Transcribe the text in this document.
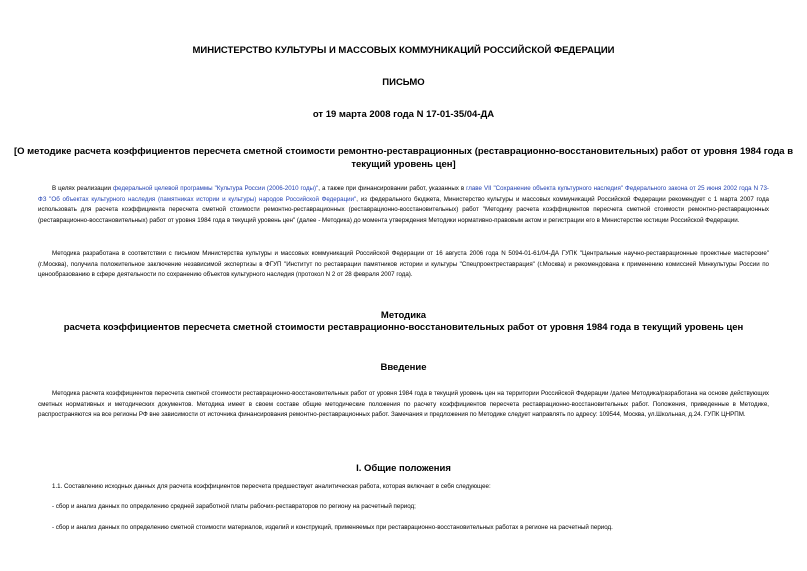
МИНИСТЕРСТВО КУЛЬТУРЫ И МАССОВЫХ КОММУНИКАЦИЙ РОССИЙСКОЙ ФЕДЕРАЦИИ
ПИСЬМО
от 19 марта 2008 года N 17-01-35/04-ДА
[О методике расчета коэффициентов пересчета сметной стоимости ремонтно-реставрационных (реставрационно-восстановительных) работ от уровня 1984 года в
текущий уровень цен]
В целях реализации федеральной целевой программы "Культура России (2006-2010 годы)", а также при финансировании работ, указанных в главе VII "Сохранение объекта культурного наследия" Федерального закона от 25 июня 2002 года N 73-ФЗ "Об объектах культурного наследия (памятниках истории и культуры) народов Российской Федерации", из федерального бюджета, Министерство культуры и массовых коммуникаций Российской Федерации рекомендует с 1 марта 2007 года использовать для расчета коэффициента пересчета сметной стоимости ремонтно-реставрационных (реставрационно-восстановительных) работ "Методику расчета коэффициентов пересчета сметной стоимости ремонтно-реставрационных (реставрационно-восстановительных) работ от уровня 1984 года в текущий уровень цен" (далее - Методика) до момента утверждения Методики нормативно-правовым актом и регистрации его в Министерстве юстиции Российской Федерации.
Методика разработана в соответствии с письмом Министерства культуры и массовых коммуникаций Российской Федерации от 16 августа 2006 года N 5094-01-61/04-ДА ГУПК "Центральные научно-реставрационные проектные мастерские" (г.Москва), получила положительное заключение независимой экспертизы в ФГУП "Институт по реставрации памятников истории и культуры "Спецпроектреставрация" (г.Москва) и рекомендована к применению комиссией Минкультуры России по ценообразованию в сфере деятельности по сохранению объектов культурного наследия (протокол N 2 от 28 февраля 2007 года).
Методика
расчета коэффициентов пересчета сметной стоимости реставрационно-восстановительных работ от уровня 1984 года в текущий уровень цен
Введение
Методика расчета коэффициентов пересчета сметной стоимости реставрационно-восстановительных работ от уровня 1984 года в текущий уровень цен на территории Российской Федерации /далее Методика/разработана на основе действующих сметных нормативных и методических документов. Методика имеет в своем составе общие методические положения по расчету коэффициентов пересчета реставрационно-восстановительных работ. Положения, приведенные в Методике, распространяются на все регионы РФ вне зависимости от источника финансирования ремонтно-реставрационных работ. Замечания и предложения по Методике следует направлять по адресу: 109544, Москва, ул.Школьная, д.24. ГУПК ЦНРПМ.
I. Общие положения
1.1. Составлению исходных данных для расчета коэффициентов пересчета предшествует аналитическая работа, которая включает в себя следующее:
- сбор и анализ данных по определению средней заработной платы рабочих-реставраторов по региону на расчетный период;
- сбор и анализ данных по определению сметной стоимости материалов, изделий и конструкций, применяемых при реставрационно-восстановительных работах в регионе на расчетный период.
